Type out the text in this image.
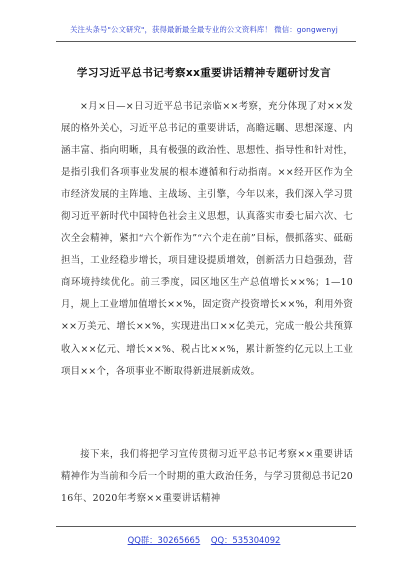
关注头条号"公文研究"，获得最新最全最专业的公文资料库！ 微信：gongwenyj
学习习近平总书记考察xx重要讲话精神专题研讨发言
×月×日—×日习近平总书记亲临××考察，充分体现了对××发展的格外关心，习近平总书记的重要讲话，高瞻远瞩、思想深邃、内涵丰富、指向明晰，具有极强的政治性、思想性、指导性和针对性，是指引我们各项事业发展的根本遵循和行动指南。××经开区作为全市经济发展的主阵地、主战场、主引擎，今年以来，我们深入学习贯彻习近平新时代中国特色社会主义思想，认真落实市委七届六次、七次全会精神，紧扣“六个新作为”“六个走在前”目标，偎抓落实、砥砺担当，工业经稳步增长，项目建设提质增效，创新活力日趋强劲，营商环境持续优化。前三季度，园区地区生产总值增长××%；1—10月，规上工业增加值增长××%，固定资产投资增长××%，利用外资××万美元、增长××%，实现进出口××亿美元，完成一般公共预算收入××亿元、增长××%、税占比××%，累计新签约亿元以上工业项目××个，各项事业不断取得新进展新成效。
接下来，我们将把学习宣传贯彻习近平总书记考察××重要讲话精神作为当前和今后一个时期的重大政治任务，与学习贯彻总书记2016年、2020年考察××重要讲话精神
QQ群：30265665 QQ：535304092
